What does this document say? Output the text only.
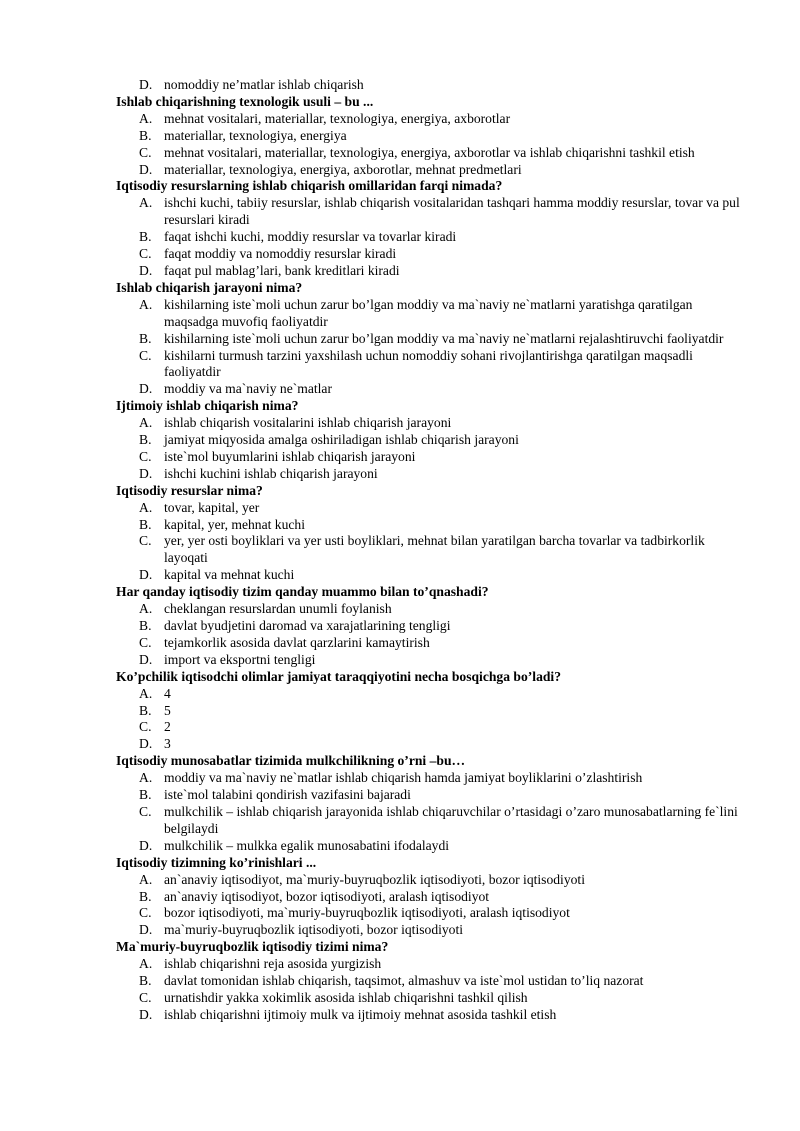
D. nomoddiy ne’matlar ishlab chiqarish
Ishlab chiqarishning texnologik usuli – bu ...
A. mehnat vositalari, materiallar, texnologiya, energiya, axborotlar
B. materiallar, texnologiya, energiya
C. mehnat vositalari, materiallar, texnologiya, energiya, axborotlar va ishlab chiqarishni tashkil etish
D. materiallar, texnologiya, energiya, axborotlar, mehnat predmetlari
Iqtisodiy resurslarning ishlab chiqarish omillaridan farqi nimada?
A. ishchi kuchi, tabiiy resurslar, ishlab chiqarish vositalaridan tashqari hamma moddiy resurslar, tovar va pul resurslari kiradi
B. faqat ishchi kuchi, moddiy resurslar va tovarlar kiradi
C. faqat moddiy va nomoddiy resurslar kiradi
D. faqat pul mablag’lari, bank kreditlari kiradi
Ishlab chiqarish jarayoni nima?
A. kishilarning iste`moli uchun zarur bo’lgan moddiy va ma`naviy ne`matlarni yaratishga qaratilgan maqsadga muvofiq faoliyatdir
B. kishilarning iste`moli uchun zarur bo’lgan moddiy va ma`naviy ne`matlarni rejalashtiruvchi faoliyatdir
C. kishilarni turmush tarzini yaxshilash uchun nomoddiy sohani rivojlantirishga qaratilgan maqsadli faoliyatdir
D. moddiy va ma`naviy ne`matlar
Ijtimoiy ishlab chiqarish nima?
A. ishlab chiqarish vositalarini ishlab chiqarish jarayoni
B. jamiyat miqyosida amalga oshiriladigan ishlab chiqarish jarayoni
C. iste`mol buyumlarini ishlab chiqarish jarayoni
D. ishchi kuchini ishlab chiqarish jarayoni
Iqtisodiy resurslar nima?
A. tovar, kapital, yer
B. kapital, yer, mehnat kuchi
C. yer, yer osti boyliklari va yer usti boyliklari, mehnat bilan yaratilgan barcha tovarlar va tadbirkorlik layoqati
D. kapital va mehnat kuchi
Har qanday iqtisodiy tizim qanday muammo bilan to’qnashadi?
A. cheklangan resurslardan unumli foylanish
B. davlat byudjetini daromad va xarajatlarining tengligi
C. tejamkorlik asosida davlat qarzlarini kamaytirish
D. import va eksportni tengligi
Ko’pchilik iqtisodchi olimlar jamiyat taraqqiyotini necha bosqichga bo’ladi?
A. 4
B. 5
C. 2
D. 3
Iqtisodiy munosabatlar tizimida mulkchilikning o’rni –bu…
A. moddiy va ma`naviy ne`matlar ishlab chiqarish hamda jamiyat boyliklarini o’zlashtirish
B. iste`mol talabini qondirish vazifasini bajaradi
C. mulkchilik – ishlab chiqarish jarayonida ishlab chiqaruvchilar o’rtasidagi o’zaro munosabatlarning fe`lini belgilaydi
D. mulkchilik – mulkka egalik munosabatini ifodalaydi
Iqtisodiy tizimning ko’rinishlari ...
A. an`anaviy iqtisodiyot, ma`muriy-buyruqbozlik iqtisodiyoti, bozor iqtisodiyoti
B. an`anaviy iqtisodiyot, bozor iqtisodiyoti, aralash iqtisodiyot
C. bozor iqtisodiyoti, ma`muriy-buyruqbozlik iqtisodiyoti, aralash iqtisodiyot
D. ma`muriy-buyruqbozlik iqtisodiyoti, bozor iqtisodiyoti
Ma`muriy-buyruqbozlik iqtisodiy tizimi nima?
A. ishlab chiqarishni reja asosida yurgizish
B. davlat tomonidan ishlab chiqarish, taqsimot, almashuv va iste`mol ustidan to’liq nazorat
C. urnatishdir yakka xokimlik asosida ishlab chiqarishni tashkil qilish
D. ishlab chiqarishni ijtimoiy mulk va ijtimoiy mehnat asosida tashkil etish
